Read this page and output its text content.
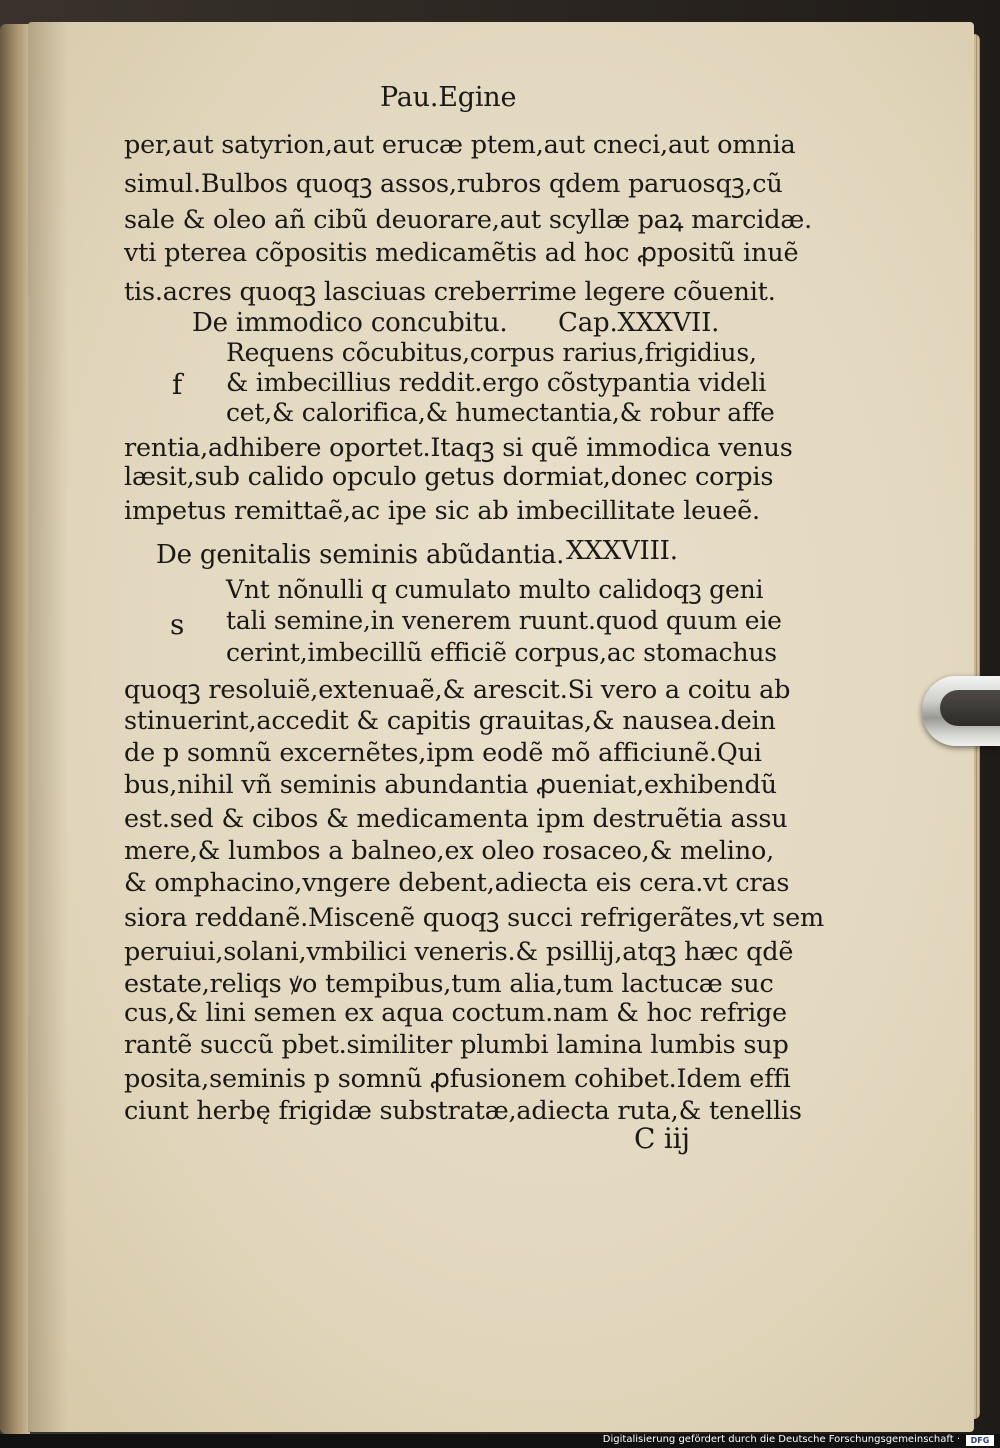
Pau.Egine
per,aut satyrion,aut erucæ ptem,aut cneci,aut omnia
simul.Bulbos quoqꝫ assos,rubros qdem paruosqꝫ,cũ
sale & oleo añ cibũ deuorare,aut scyllæ paꝝ marcidæ.
vti pterea cõpositis medicamẽtis ad hoc ꝓpositũ inuẽ
tis.acres quoqꝫ lasciuas creberrime legere cõuenit.
De immodico concubitu. Cap.XXXVII.
f
Requens cõcubitus,corpus rarius,frigidius,
& imbecillius reddit.ergo cõstypantia videli
cet,& calorifica,& humectantia,& robur affe
rentia,adhibere oportet.Itaqꝫ si quẽ immodica venus
læsit,sub calido opculo getus dormiat,donec corpis
impetus remittaẽ,ac ipe sic ab imbecillitate leueẽ.
De genitalis seminis abũdantia. XXXVIII.
s
Vnt nõnulli q cumulato multo calidoqꝫ geni
tali semine,in venerem ruunt.quod quum eie
cerint,imbecillũ efficiẽ corpus,ac stomachus
quoqꝫ resoluiẽ,extenuaẽ,& arescit.Si vero a coitu ab
stinuerint,accedit & capitis grauitas,& nausea.dein
de p somnũ excernẽtes,ipm eodẽ mõ afficiunẽ.Qui
bus,nihil vñ seminis abundantia ꝓueniat,exhibendũ
est.sed & cibos & medicamenta ipm destruẽtia assu
mere,& lumbos a balneo,ex oleo rosaceo,& melino,
& omphacino,vngere debent,adiecta eis cera.vt cras
siora reddanẽ.Miscenẽ quoqꝫ succi refrigerãtes,vt sem
peruiui,solani,vmbilici veneris.& psillij,atqꝫ hæc qdẽ
estate,reliqs ꝟo tempibus,tum alia,tum lactucæ suc
cus,& lini semen ex aqua coctum.nam & hoc refrige
rantẽ succũ pbet.similiter plumbi lamina lumbis sup
posita,seminis p somnũ ꝓfusionem cohibet.Idem effi
ciunt herbę frigidæ substratæ,adiecta ruta,& tenellis
C iij
Digitalisierung gefördert durch die Deutsche Forschungsgemeinschaft ·	DFG
